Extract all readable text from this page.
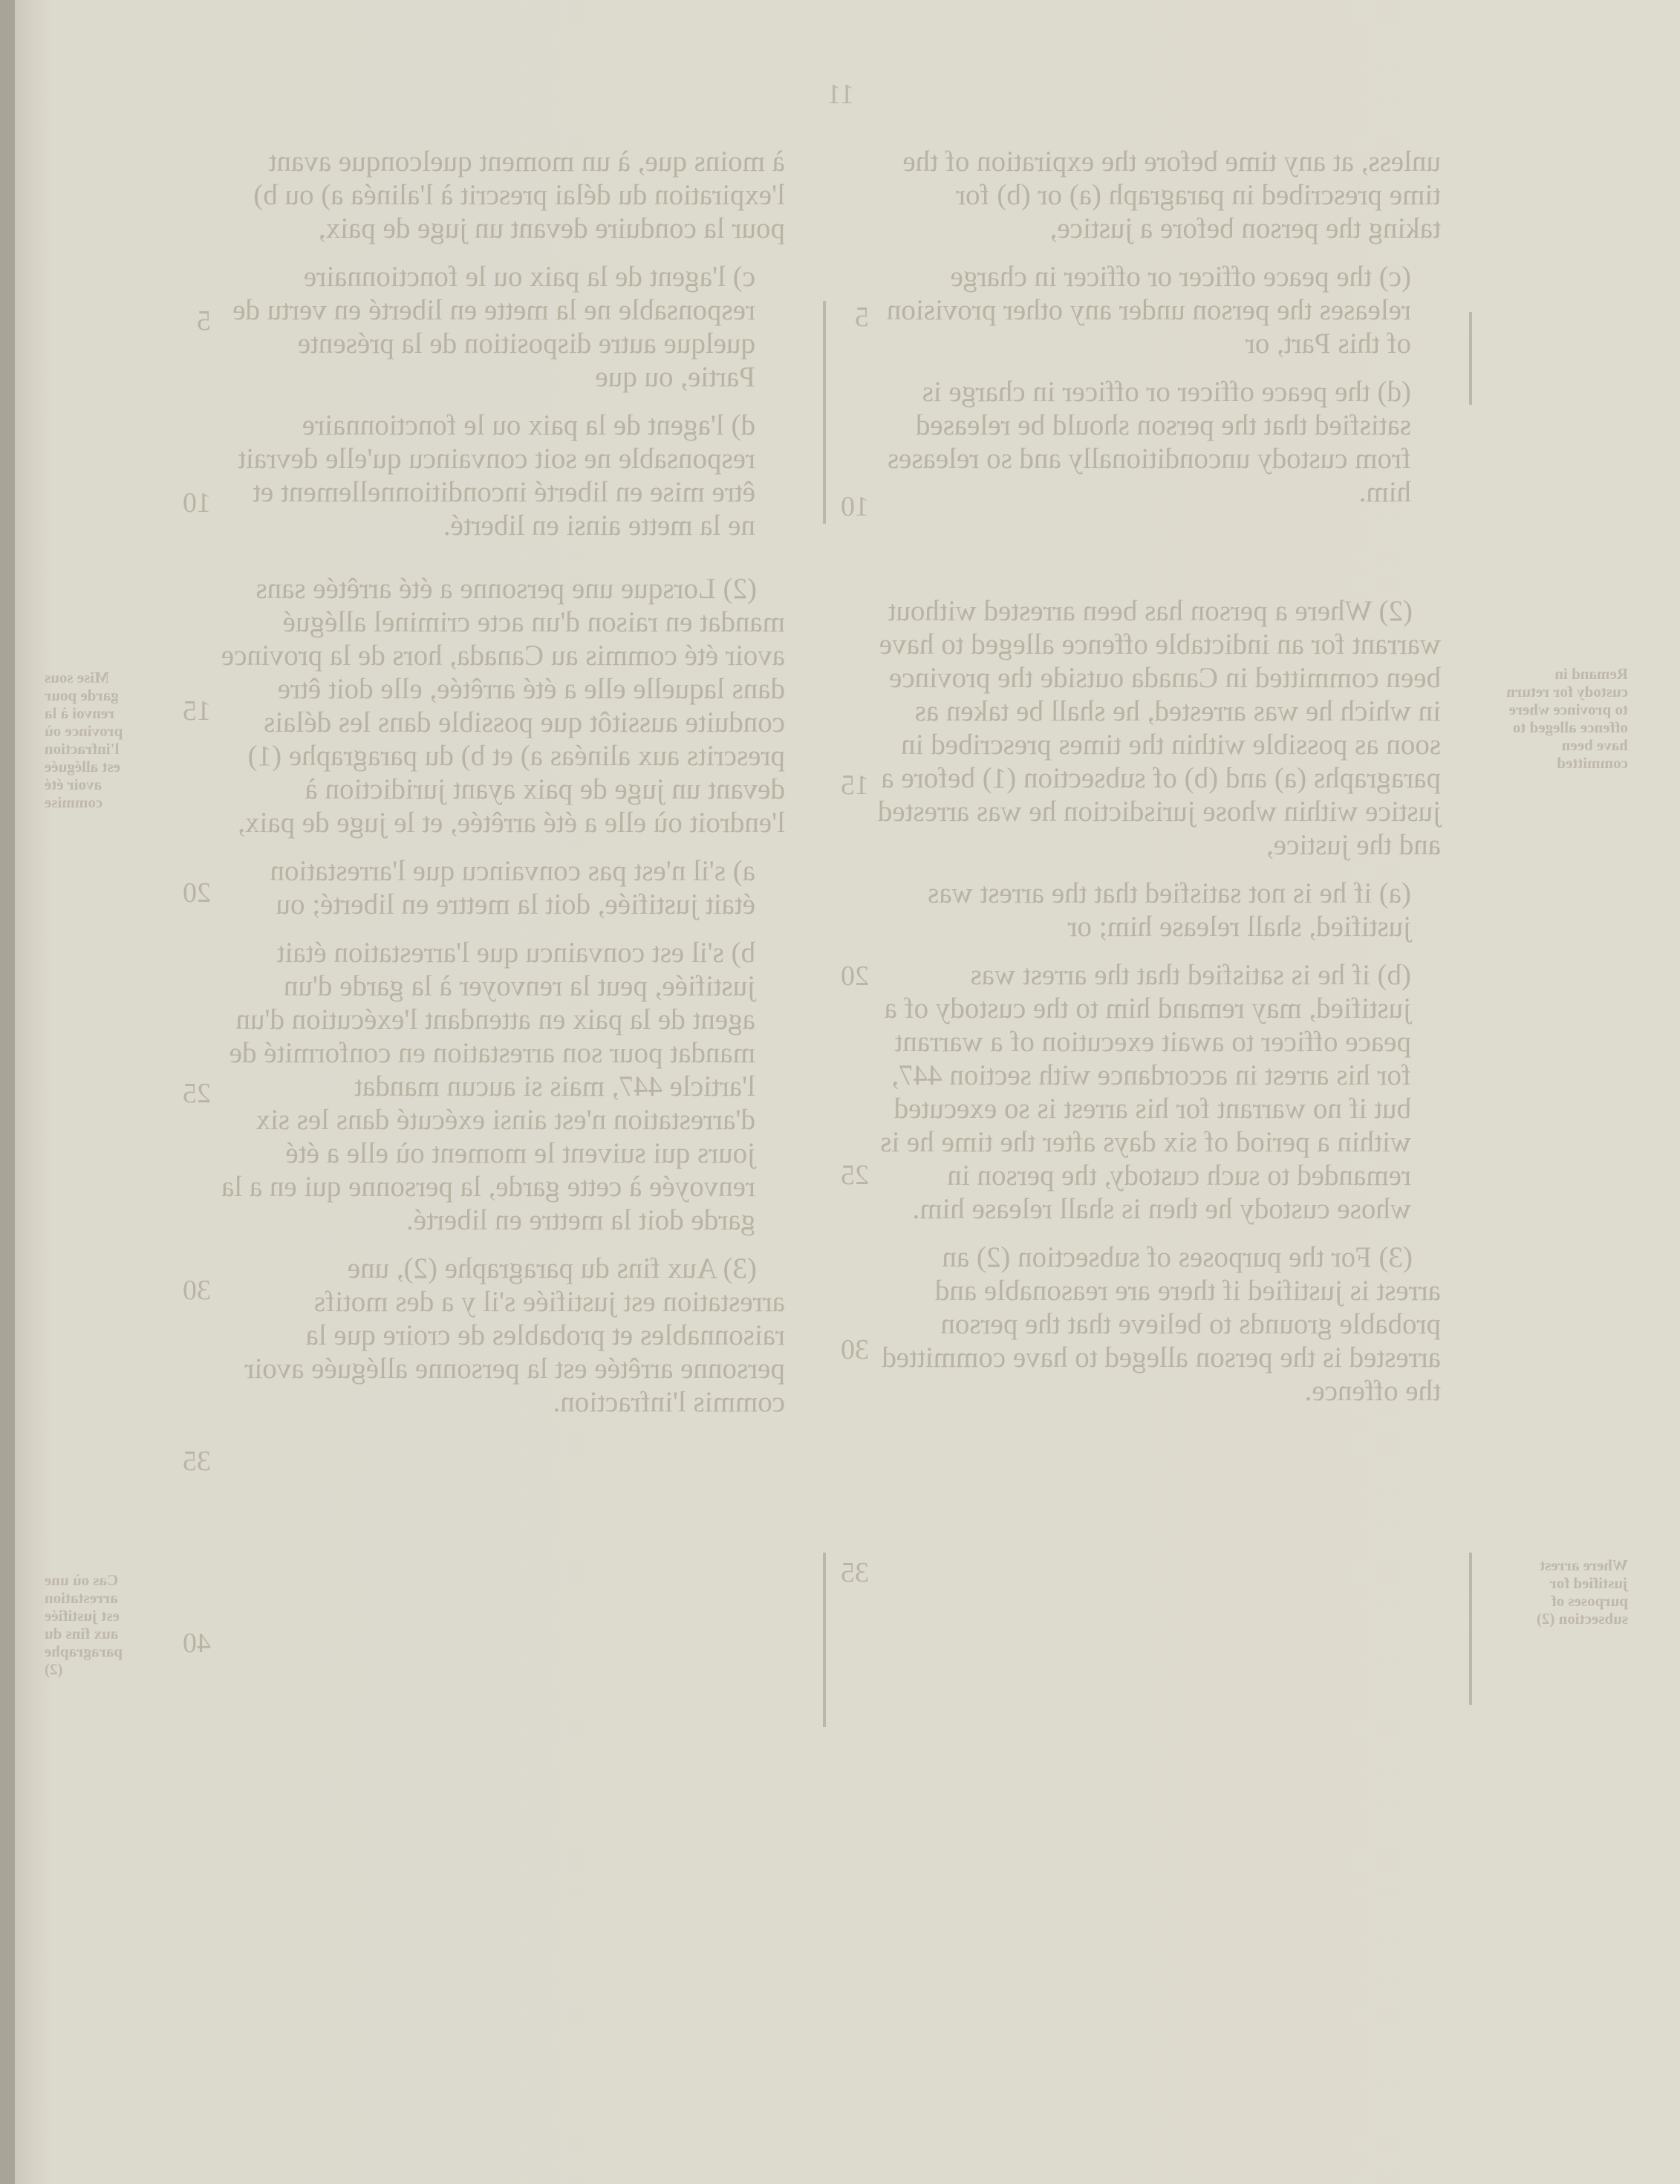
11

unless, at any time before the expiration of the time prescribed in paragraph (a) or (b) for taking the person before a justice,

(c) the peace officer or officer in charge releases the person under any other provision of this Part, or

(d) the peace officer or officer in charge is satisfied that the person should be released from custody unconditionally and so releases him.

(2) Where a person has been arrested without warrant for an indictable offence alleged to have been committed in Canada outside the province in which he was arrested, he shall be taken as soon as possible within the times prescribed in paragraphs (a) and (b) of subsection (1) before a justice within whose jurisdiction he was arrested and the justice,

(a) if he is not satisfied that the arrest was justified, shall release him; or

(b) if he is satisfied that the arrest was justified, may remand him to the custody of a peace officer to await execution of a warrant for his arrest in accordance with section 447, but if no warrant for his arrest is so executed within a period of six days after the time he is remanded to such custody, the person in whose custody he then is shall release him.

(3) For the purposes of subsection (2) an arrest is justified if there are reasonable and probable grounds to believe that the person arrested is the person alleged to have committed the offence.

5
10
15
20
25
30
35
Remand in custody for return to province where offence alleged to have been committed
Where arrest justified for purposes of subsection (2)

à moins que, à un moment quelconque avant l'expiration du délai prescrit à l'alinéa a) ou b) pour la conduire devant un juge de paix,

c) l'agent de la paix ou le fonctionnaire responsable ne la mette en liberté en vertu de quelque autre disposition de la présente Partie, ou que

d) l'agent de la paix ou le fonctionnaire responsable ne soit convaincu qu'elle devrait être mise en liberté inconditionnellement et ne la mette ainsi en liberté.

(2) Lorsque une personne a été arrêtée sans mandat en raison d'un acte criminel allégué avoir été commis au Canada, hors de la province dans laquelle elle a été arrêtée, elle doit être conduite aussitôt que possible dans les délais prescrits aux alinéas a) et b) du paragraphe (1) devant un juge de paix ayant juridiction à l'endroit où elle a été arrêtée, et le juge de paix,

a) s'il n'est pas convaincu que l'arrestation était justifiée, doit la mettre en liberté; ou

b) s'il est convaincu que l'arrestation était justifiée, peut la renvoyer à la garde d'un agent de la paix en attendant l'exécution d'un mandat pour son arrestation en conformité de l'article 447, mais si aucun mandat d'arrestation n'est ainsi exécuté dans les six jours qui suivent le moment où elle a été renvoyée à cette garde, la personne qui en a la garde doit la mettre en liberté.

(3) Aux fins du paragraphe (2), une arrestation est justifiée s'il y a des motifs raisonnables et probables de croire que la personne arrêtée est la personne alléguée avoir commis l'infraction.

5
10
15
20
25
30
35
40
Mise sous garde pour renvoi à la province où l'infraction est alléguée avoir été commise
Cas où une arrestation est justifiée aux fins du paragraphe (2)
